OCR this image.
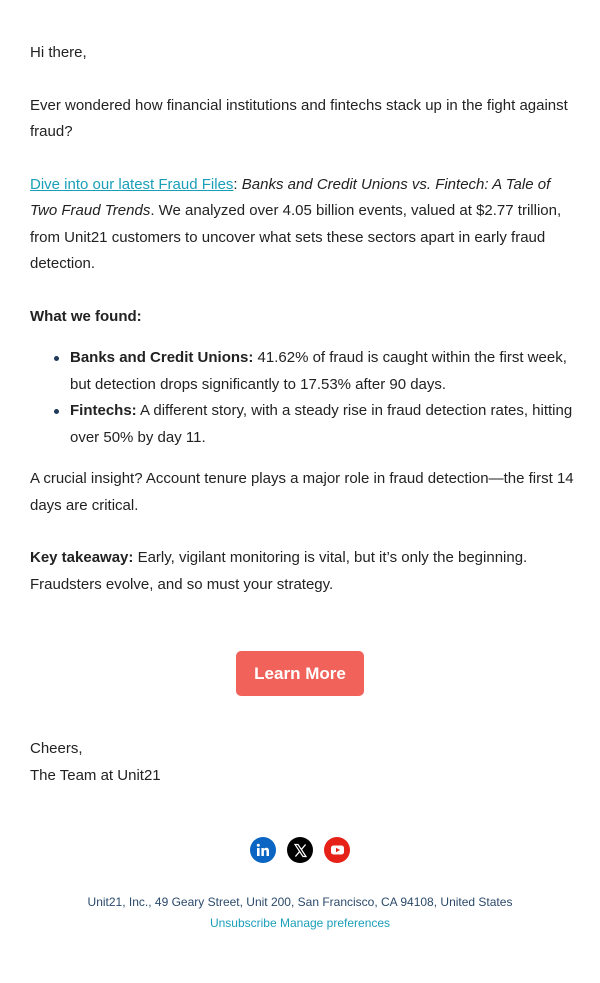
Hi there,

Ever wondered how financial institutions and fintechs stack up in the fight against fraud?

Dive into our latest Fraud Files: Banks and Credit Unions vs. Fintech: A Tale of Two Fraud Trends. We analyzed over 4.05 billion events, valued at $2.77 trillion, from Unit21 customers to uncover what sets these sectors apart in early fraud detection.

What we found:

Banks and Credit Unions: 41.62% of fraud is caught within the first week, but detection drops significantly to 17.53% after 90 days.
Fintechs: A different story, with a steady rise in fraud detection rates, hitting over 50% by day 11.

A crucial insight? Account tenure plays a major role in fraud detection—the first 14 days are critical.

Key takeaway: Early, vigilant monitoring is vital, but it’s only the beginning. Fraudsters evolve, and so must your strategy.

Learn More
Cheers,
The Team at Unit21
Unit21, Inc., 49 Geary Street, Unit 200, San Francisco, CA 94108, United States
Unsubscribe Manage preferences
